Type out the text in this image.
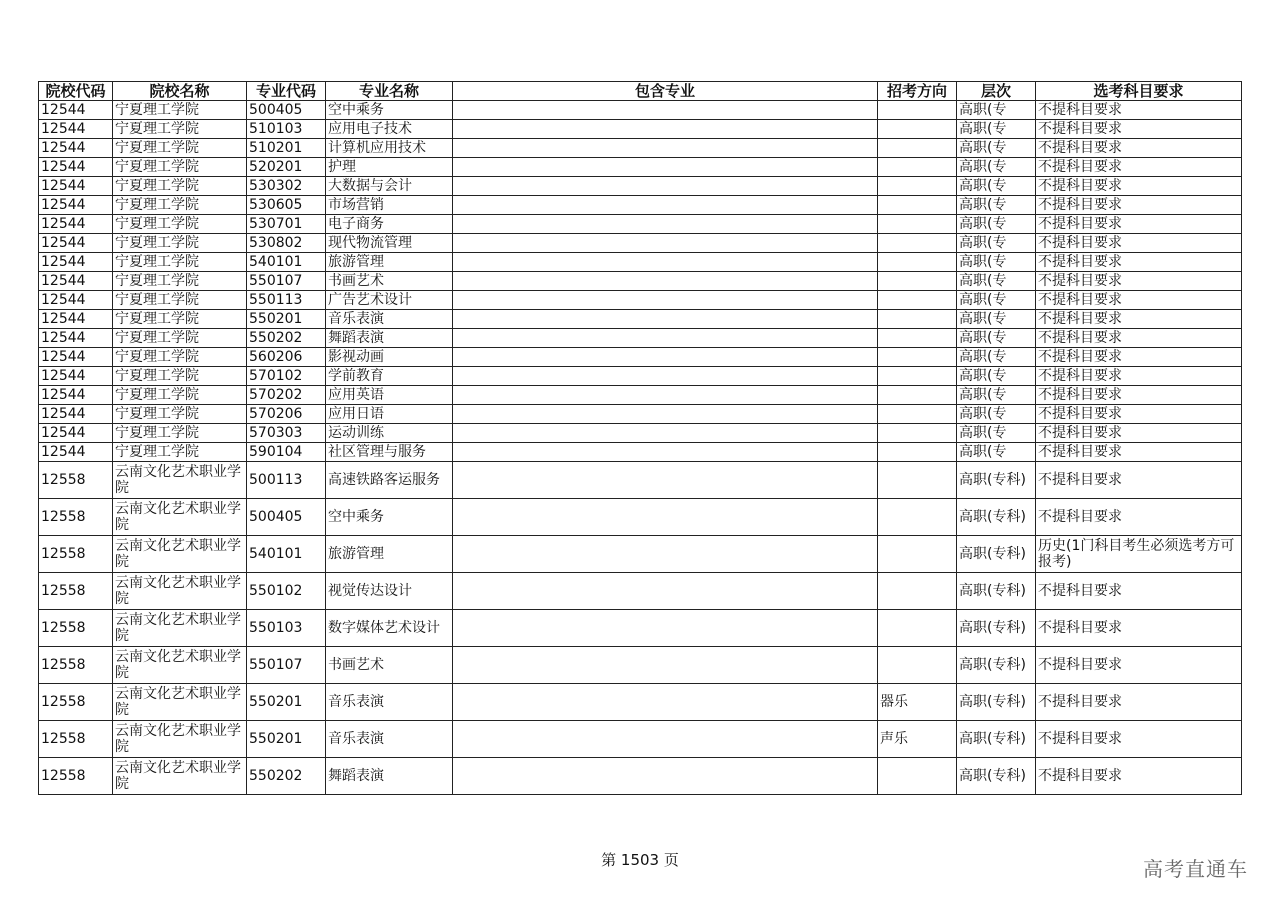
院校代码	院校名称	专业代码	专业名称	包含专业	招考方向	层次	选考科目要求
12544	宁夏理工学院	500405	空中乘务			高职(专	不提科目要求
12544	宁夏理工学院	510103	应用电子技术			高职(专	不提科目要求
12544	宁夏理工学院	510201	计算机应用技术			高职(专	不提科目要求
12544	宁夏理工学院	520201	护理			高职(专	不提科目要求
12544	宁夏理工学院	530302	大数据与会计			高职(专	不提科目要求
12544	宁夏理工学院	530605	市场营销			高职(专	不提科目要求
12544	宁夏理工学院	530701	电子商务			高职(专	不提科目要求
12544	宁夏理工学院	530802	现代物流管理			高职(专	不提科目要求
12544	宁夏理工学院	540101	旅游管理			高职(专	不提科目要求
12544	宁夏理工学院	550107	书画艺术			高职(专	不提科目要求
12544	宁夏理工学院	550113	广告艺术设计			高职(专	不提科目要求
12544	宁夏理工学院	550201	音乐表演			高职(专	不提科目要求
12544	宁夏理工学院	550202	舞蹈表演			高职(专	不提科目要求
12544	宁夏理工学院	560206	影视动画			高职(专	不提科目要求
12544	宁夏理工学院	570102	学前教育			高职(专	不提科目要求
12544	宁夏理工学院	570202	应用英语			高职(专	不提科目要求
12544	宁夏理工学院	570206	应用日语			高职(专	不提科目要求
12544	宁夏理工学院	570303	运动训练			高职(专	不提科目要求
12544	宁夏理工学院	590104	社区管理与服务			高职(专	不提科目要求
12558	云南文化艺术职业学院	500113	高速铁路客运服务			高职(专科)	不提科目要求
12558	云南文化艺术职业学院	500405	空中乘务			高职(专科)	不提科目要求
12558	云南文化艺术职业学院	540101	旅游管理			高职(专科)	历史(1门科目考生必须选考方可报考)
12558	云南文化艺术职业学院	550102	视觉传达设计			高职(专科)	不提科目要求
12558	云南文化艺术职业学院	550103	数字媒体艺术设计			高职(专科)	不提科目要求
12558	云南文化艺术职业学院	550107	书画艺术			高职(专科)	不提科目要求
12558	云南文化艺术职业学院	550201	音乐表演		器乐	高职(专科)	不提科目要求
12558	云南文化艺术职业学院	550201	音乐表演		声乐	高职(专科)	不提科目要求
12558	云南文化艺术职业学院	550202	舞蹈表演			高职(专科)	不提科目要求
第 1503 页	高考直通车
